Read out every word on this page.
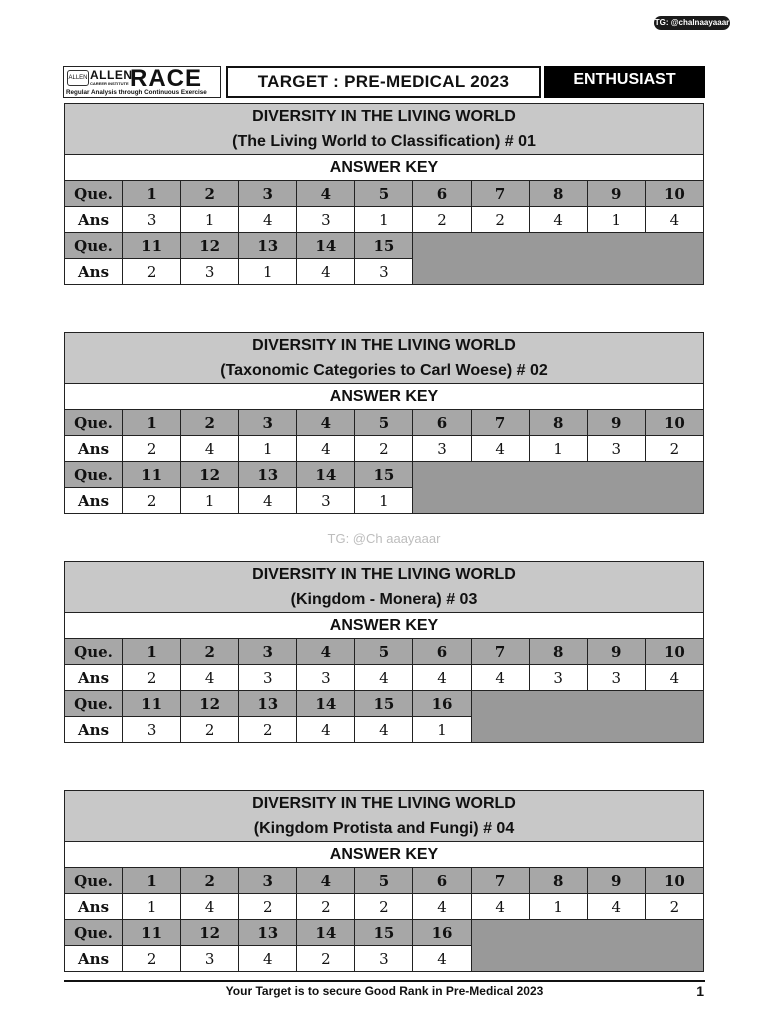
TG: @chalnaayaaar
ALLEN ALLEN
CAREER INSTITUTE RACE
Regular Analysis through Continuous Exercise
TARGET : PRE-MEDICAL 2023	ENTHUSIAST
TG: @Ch aaayaaar
DIVERSITY IN THE LIVING WORLD
(The Living World to Classification) # 01										

ANSWER KEY										
Que.	1	2	3	4	5	6	7	8	9	10
Ans	3	1	4	3	1	2	2	4	1	4
Que.	11	12	13	14	15					
Ans	2	3	1	4	3					
DIVERSITY IN THE LIVING WORLD
(Taxonomic Categories to Carl Woese) # 02										

ANSWER KEY										
Que.	1	2	3	4	5	6	7	8	9	10
Ans	2	4	1	4	2	3	4	1	3	2
Que.	11	12	13	14	15					
Ans	2	1	4	3	1					
DIVERSITY IN THE LIVING WORLD
(Kingdom - Monera) # 03										

ANSWER KEY										
Que.	1	2	3	4	5	6	7	8	9	10
Ans	2	4	3	3	4	4	4	3	3	4
Que.	11	12	13	14	15	16				
Ans	3	2	2	4	4	1				
DIVERSITY IN THE LIVING WORLD
(Kingdom Protista and Fungi) # 04										

ANSWER KEY										
Que.	1	2	3	4	5	6	7	8	9	10
Ans	1	4	2	2	2	4	4	1	4	2
Que.	11	12	13	14	15	16				
Ans	2	3	4	2	3	4				
Your Target is to secure Good Rank in Pre-Medical 2023	1
